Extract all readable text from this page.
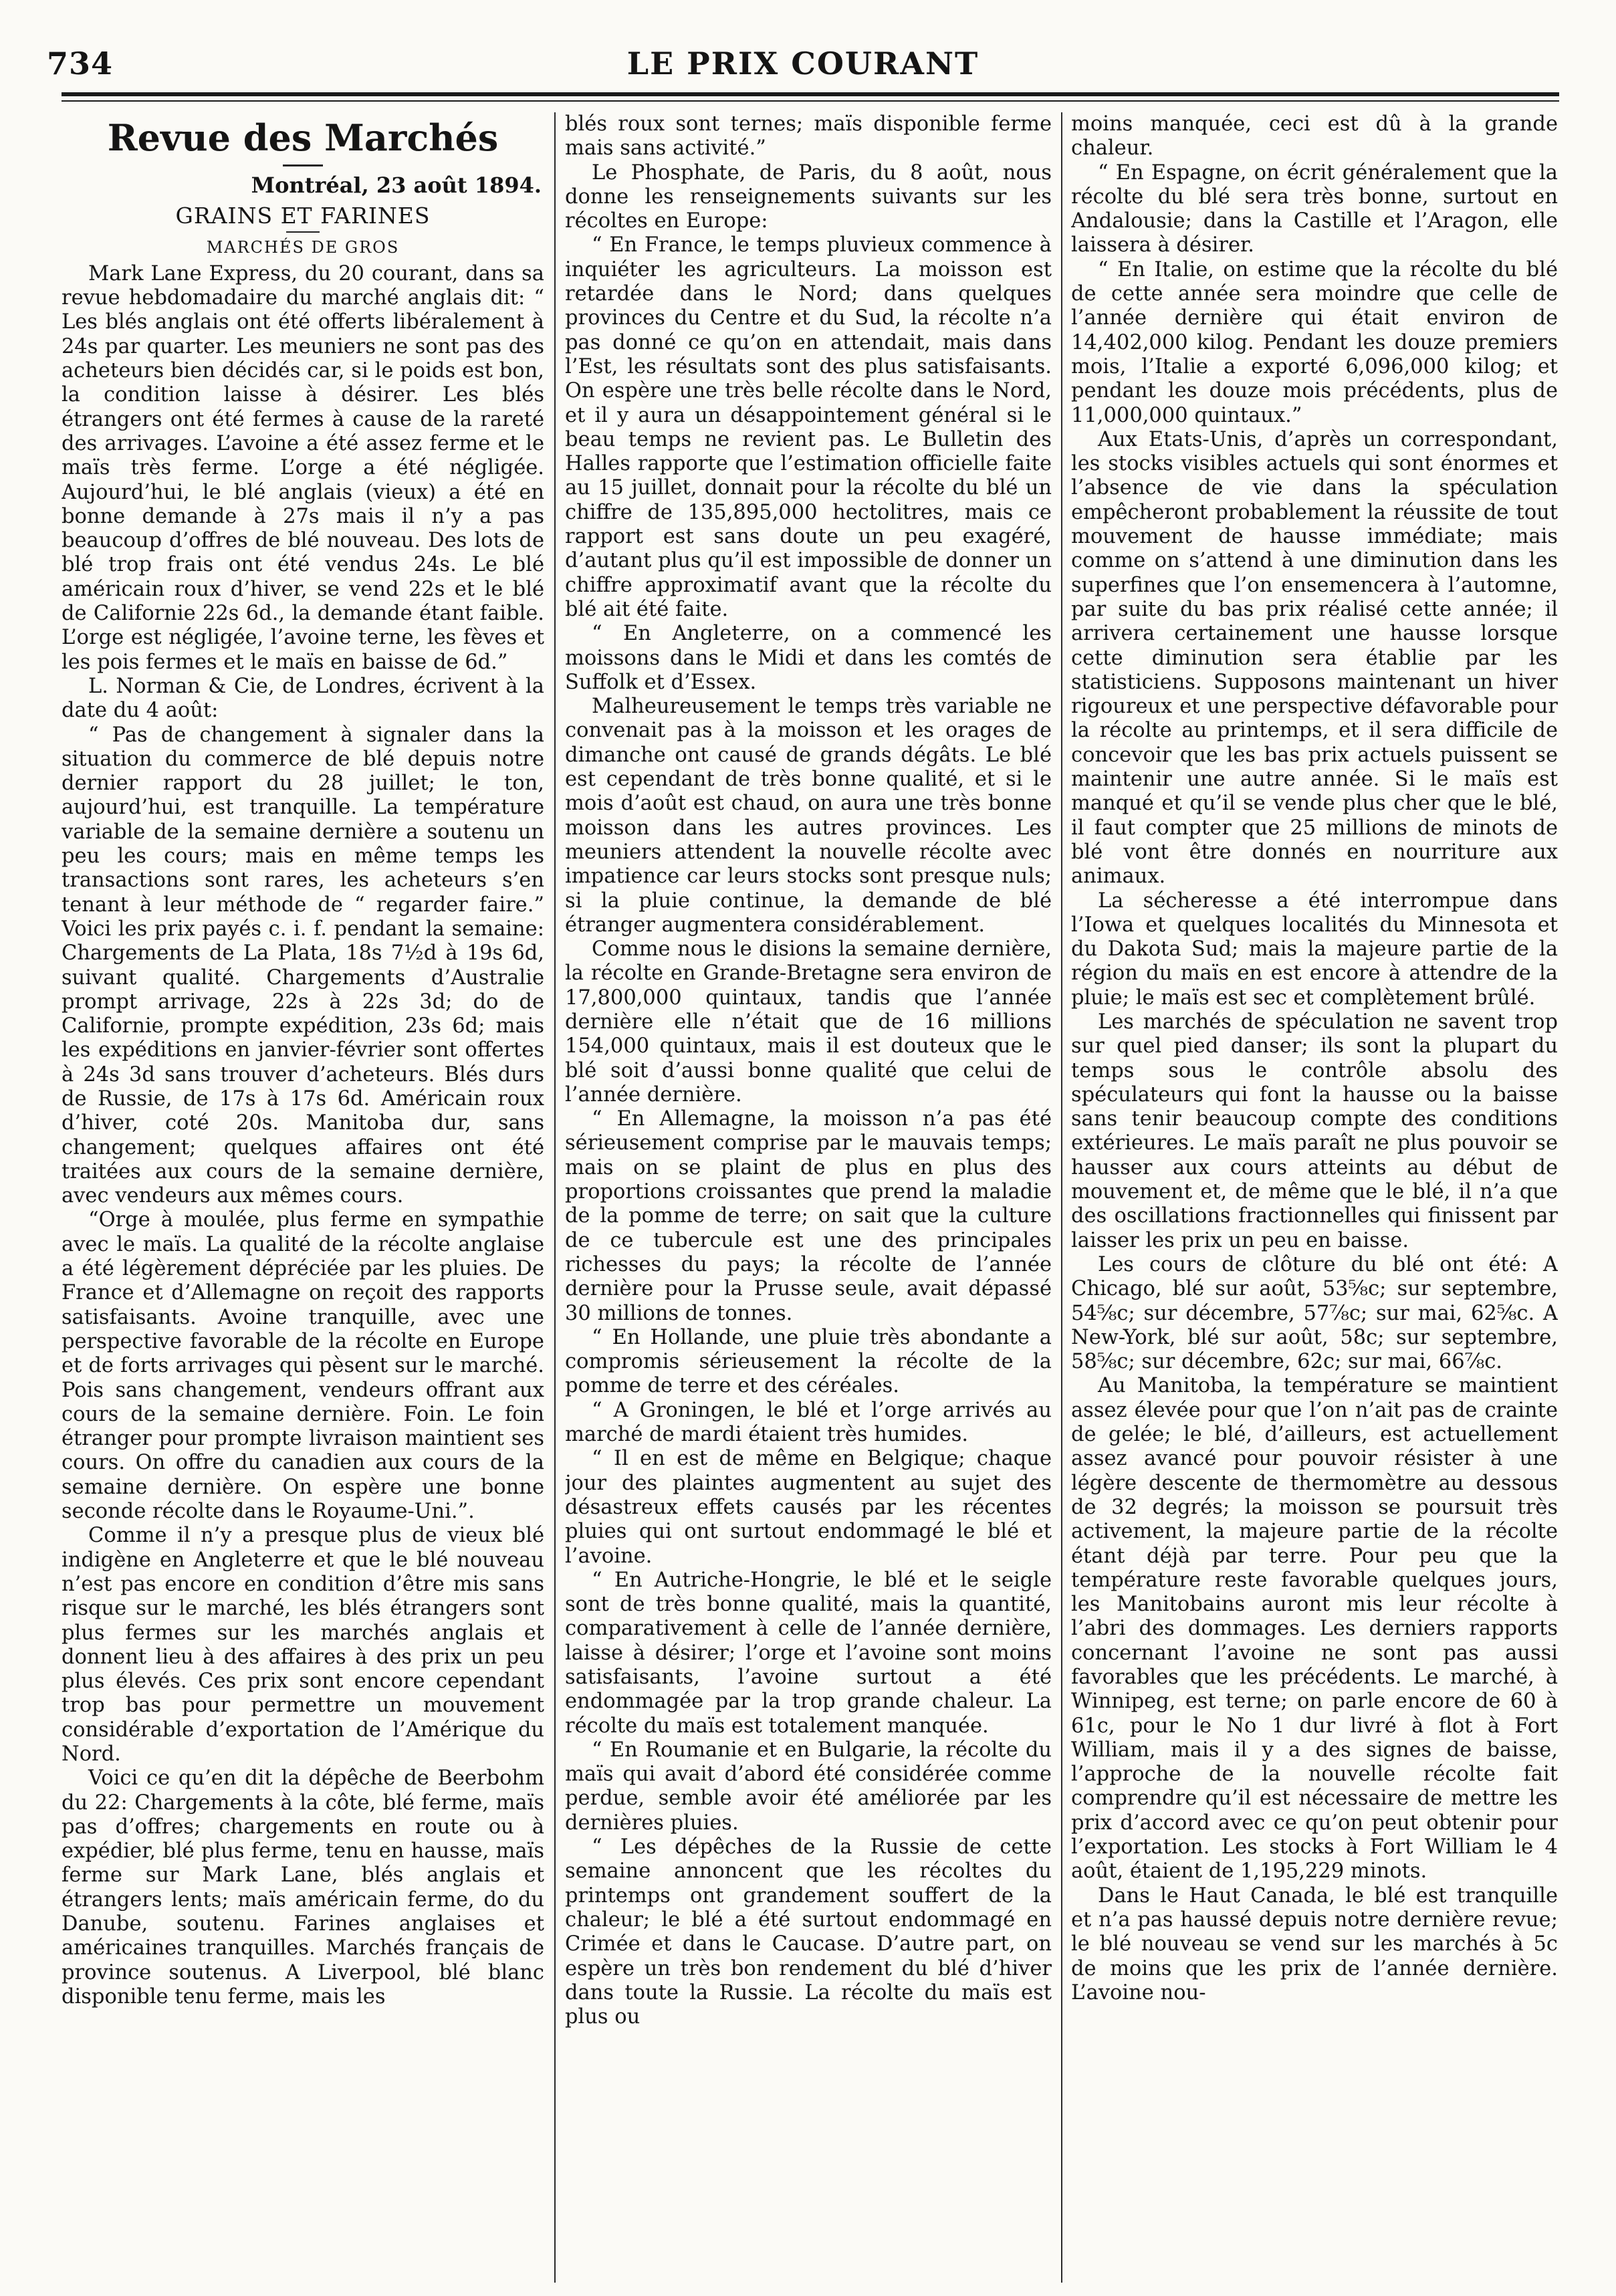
734	LE PRIX COURANT
Revue des Marchés
Montréal, 23 août 1894.
GRAINS ET FARINES
MARCHÉS DE GROS

Mark Lane Express, du 20 courant, dans sa revue hebdomadaire du marché anglais dit: “ Les blés anglais ont été offerts libéralement à 24s par quarter. Les meuniers ne sont pas des acheteurs bien décidés car, si le poids est bon, la condition laisse à désirer. Les blés étrangers ont été fermes à cause de la rareté des arrivages. L’avoine a été assez ferme et le maïs très ferme. L’orge a été négligée. Aujourd’hui, le blé anglais (vieux) a été en bonne demande à 27s mais il n’y a pas beaucoup d’offres de blé nouveau. Des lots de blé trop frais ont été vendus 24s. Le blé américain roux d’hiver, se vend 22s et le blé de Californie 22s 6d., la demande étant faible. L’orge est négligée, l’avoine terne, les fèves et les pois fermes et le maïs en baisse de 6d.”

L. Norman & Cie, de Londres, écrivent à la date du 4 août:

“ Pas de changement à signaler dans la situation du commerce de blé depuis notre dernier rapport du 28 juillet; le ton, aujourd’hui, est tranquille. La température variable de la semaine dernière a soutenu un peu les cours; mais en même temps les transactions sont rares, les acheteurs s’en tenant à leur méthode de “ regarder faire.” Voici les prix payés c. i. f. pendant la semaine: Chargements de La Plata, 18s 7½d à 19s 6d, suivant qualité. Chargements d’Australie prompt arrivage, 22s à 22s 3d; do de Californie, prompte expédition, 23s 6d; mais les expéditions en janvier-février sont offertes à 24s 3d sans trouver d’acheteurs. Blés durs de Russie, de 17s à 17s 6d. Américain roux d’hiver, coté 20s. Manitoba dur, sans changement; quelques affaires ont été traitées aux cours de la semaine dernière, avec vendeurs aux mêmes cours.

“Orge à moulée, plus ferme en sympathie avec le maïs. La qualité de la récolte anglaise a été légèrement dépréciée par les pluies. De France et d’Allemagne on reçoit des rapports satisfaisants. Avoine tranquille, avec une perspective favorable de la récolte en Europe et de forts arrivages qui pèsent sur le marché. Pois sans changement, vendeurs offrant aux cours de la semaine dernière. Foin. Le foin étranger pour prompte livraison maintient ses cours. On offre du canadien aux cours de la semaine dernière. On espère une bonne seconde récolte dans le Royaume-Uni.”.

Comme il n’y a presque plus de vieux blé indigène en Angleterre et que le blé nouveau n’est pas encore en condition d’être mis sans risque sur le marché, les blés étrangers sont plus fermes sur les marchés anglais et donnent lieu à des affaires à des prix un peu plus élevés. Ces prix sont encore cependant trop bas pour permettre un mouvement considérable d’exportation de l’Amérique du Nord.

Voici ce qu’en dit la dépêche de Beerbohm du 22: Chargements à la côte, blé ferme, maïs pas d’offres; chargements en route ou à expédier, blé plus ferme, tenu en hausse, maïs ferme sur Mark Lane, blés anglais et étrangers lents; maïs américain ferme, do du Danube, soutenu. Farines anglaises et américaines tranquilles. Marchés français de province soutenus. A Liverpool, blé blanc disponible tenu ferme, mais les

blés roux sont ternes; maïs disponible ferme mais sans activité.”

Le Phosphate, de Paris, du 8 août, nous donne les renseignements suivants sur les récoltes en Europe:

“ En France, le temps pluvieux commence à inquiéter les agriculteurs. La moisson est retardée dans le Nord; dans quelques provinces du Centre et du Sud, la récolte n’a pas donné ce qu’on en attendait, mais dans l’Est, les résultats sont des plus satisfaisants. On espère une très belle récolte dans le Nord, et il y aura un désappointement général si le beau temps ne revient pas. Le Bulletin des Halles rapporte que l’estimation officielle faite au 15 juillet, donnait pour la récolte du blé un chiffre de 135,895,000 hectolitres, mais ce rapport est sans doute un peu exagéré, d’autant plus qu’il est impossible de donner un chiffre approximatif avant que la récolte du blé ait été faite.

“ En Angleterre, on a commencé les moissons dans le Midi et dans les comtés de Suffolk et d’Essex.

Malheureusement le temps très variable ne convenait pas à la moisson et les orages de dimanche ont causé de grands dégâts. Le blé est cependant de très bonne qualité, et si le mois d’août est chaud, on aura une très bonne moisson dans les autres provinces. Les meuniers attendent la nouvelle récolte avec impatience car leurs stocks sont presque nuls; si la pluie continue, la demande de blé étranger augmentera considérablement.

Comme nous le disions la semaine dernière, la récolte en Grande-Bretagne sera environ de 17,800,000 quintaux, tandis que l’année dernière elle n’était que de 16 millions 154,000 quintaux, mais il est douteux que le blé soit d’aussi bonne qualité que celui de l’année dernière.

“ En Allemagne, la moisson n’a pas été sérieusement comprise par le mauvais temps; mais on se plaint de plus en plus des proportions croissantes que prend la maladie de la pomme de terre; on sait que la culture de ce tubercule est une des principales richesses du pays; la récolte de l’année dernière pour la Prusse seule, avait dépassé 30 millions de tonnes.

“ En Hollande, une pluie très abondante a compromis sérieusement la récolte de la pomme de terre et des céréales.

“ A Groningen, le blé et l’orge arrivés au marché de mardi étaient très humides.

“ Il en est de même en Belgique; chaque jour des plaintes augmentent au sujet des désastreux effets causés par les récentes pluies qui ont surtout endommagé le blé et l’avoine.

“ En Autriche-Hongrie, le blé et le seigle sont de très bonne qualité, mais la quantité, comparativement à celle de l’année dernière, laisse à désirer; l’orge et l’avoine sont moins satisfaisants, l’avoine surtout a été endommagée par la trop grande chaleur. La récolte du maïs est totalement manquée.

“ En Roumanie et en Bulgarie, la récolte du maïs qui avait d’abord été considérée comme perdue, semble avoir été améliorée par les dernières pluies.

“ Les dépêches de la Russie de cette semaine annoncent que les récoltes du printemps ont grandement souffert de la chaleur; le blé a été surtout endommagé en Crimée et dans le Caucase. D’autre part, on espère un très bon rendement du blé d’hiver dans toute la Russie. La récolte du maïs est plus ou

moins manquée, ceci est dû à la grande chaleur.

“ En Espagne, on écrit généralement que la récolte du blé sera très bonne, surtout en Andalousie; dans la Castille et l’Aragon, elle laissera à désirer.

“ En Italie, on estime que la récolte du blé de cette année sera moindre que celle de l’année dernière qui était environ de 14,402,000 kilog. Pendant les douze premiers mois, l’Italie a exporté 6,096,000 kilog; et pendant les douze mois précédents, plus de 11,000,000 quintaux.”

Aux Etats-Unis, d’après un correspondant, les stocks visibles actuels qui sont énormes et l’absence de vie dans la spéculation empêcheront probablement la réussite de tout mouvement de hausse immédiate; mais comme on s’attend à une diminution dans les superfines que l’on ensemencera à l’automne, par suite du bas prix réalisé cette année; il arrivera certainement une hausse lorsque cette diminution sera établie par les statisticiens. Supposons maintenant un hiver rigoureux et une perspective défavorable pour la récolte au printemps, et il sera difficile de concevoir que les bas prix actuels puissent se maintenir une autre année. Si le maïs est manqué et qu’il se vende plus cher que le blé, il faut compter que 25 millions de minots de blé vont être donnés en nourriture aux animaux.

La sécheresse a été interrompue dans l’Iowa et quelques localités du Minnesota et du Dakota Sud; mais la majeure partie de la région du maïs en est encore à attendre de la pluie; le maïs est sec et complètement brûlé.

Les marchés de spéculation ne savent trop sur quel pied danser; ils sont la plupart du temps sous le contrôle absolu des spéculateurs qui font la hausse ou la baisse sans tenir beaucoup compte des conditions extérieures. Le maïs paraît ne plus pouvoir se hausser aux cours atteints au début de mouvement et, de même que le blé, il n’a que des oscillations fractionnelles qui finissent par laisser les prix un peu en baisse.

Les cours de clôture du blé ont été: A Chicago, blé sur août, 53⅝c; sur septembre, 54⅝c; sur décembre, 57⅞c; sur mai, 62⅝c. A New-York, blé sur août, 58c; sur septembre, 58⅝c; sur décembre, 62c; sur mai, 66⅞c.

Au Manitoba, la température se maintient assez élevée pour que l’on n’ait pas de crainte de gelée; le blé, d’ailleurs, est actuellement assez avancé pour pouvoir résister à une légère descente de thermomètre au dessous de 32 degrés; la moisson se poursuit très activement, la majeure partie de la récolte étant déjà par terre. Pour peu que la température reste favorable quelques jours, les Manitobains auront mis leur récolte à l’abri des dommages. Les derniers rapports concernant l’avoine ne sont pas aussi favorables que les précédents. Le marché, à Winnipeg, est terne; on parle encore de 60 à 61c, pour le No 1 dur livré à flot à Fort William, mais il y a des signes de baisse, l’approche de la nouvelle récolte fait comprendre qu’il est nécessaire de mettre les prix d’accord avec ce qu’on peut obtenir pour l’exportation. Les stocks à Fort William le 4 août, étaient de 1,195,229 minots.

Dans le Haut Canada, le blé est tranquille et n’a pas haussé depuis notre dernière revue; le blé nouveau se vend sur les marchés à 5c de moins que les prix de l’année dernière. L’avoine nou-
